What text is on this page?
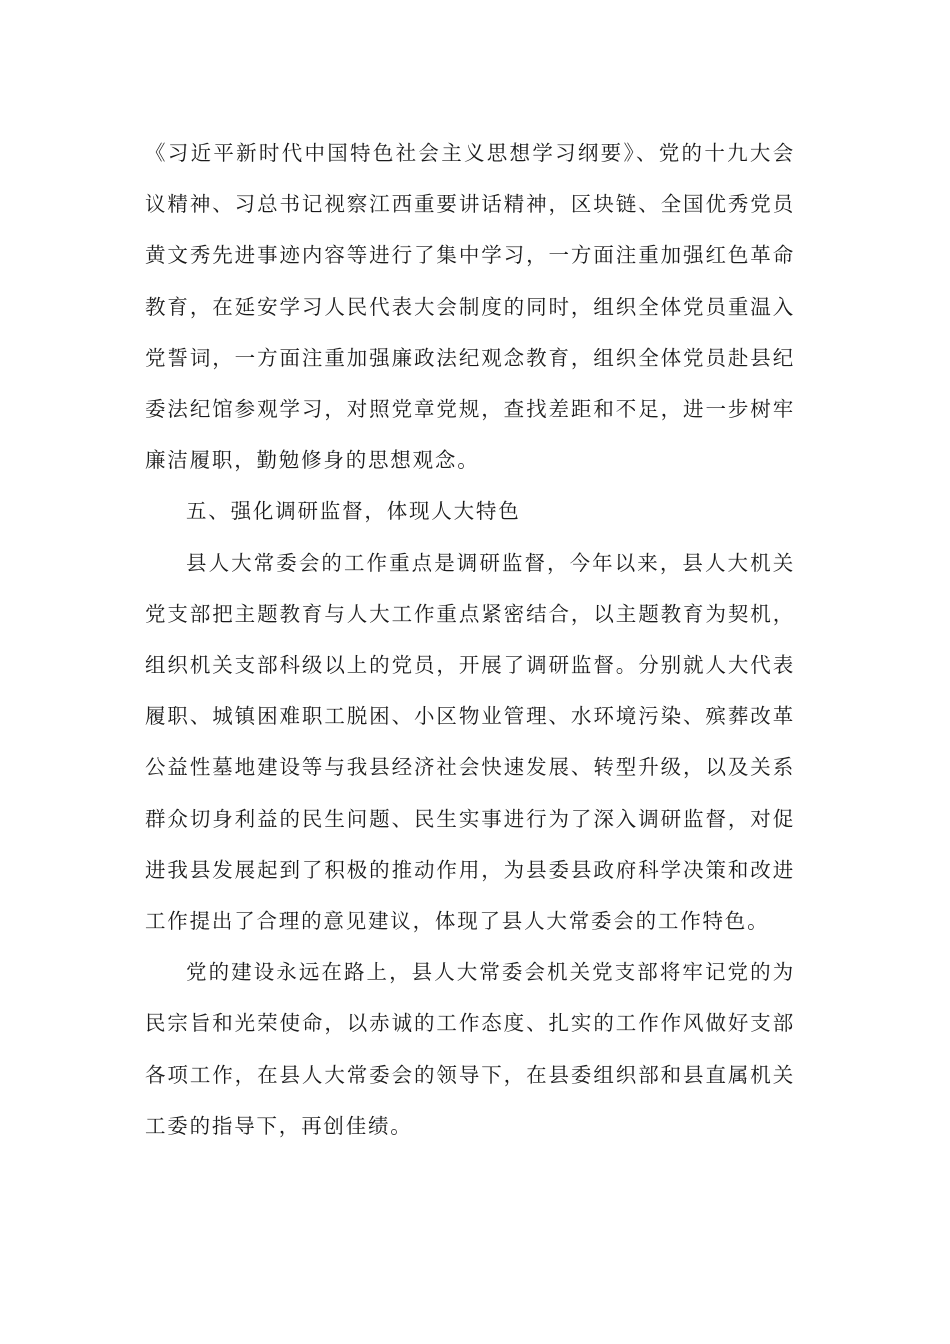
《习近平新时代中国特色社会主义思想学习纲要》、党的十九大会议精神、习总书记视察江西重要讲话精神，区块链、全国优秀党员黄文秀先进事迹内容等进行了集中学习，一方面注重加强红色革命教育，在延安学习人民代表大会制度的同时，组织全体党员重温入党誓词，一方面注重加强廉政法纪观念教育，组织全体党员赴县纪委法纪馆参观学习，对照党章党规，查找差距和不足，进一步树牢廉洁履职，勤勉修身的思想观念。

五、强化调研监督，体现人大特色

县人大常委会的工作重点是调研监督，今年以来，县人大机关党支部把主题教育与人大工作重点紧密结合，以主题教育为契机，组织机关支部科级以上的党员，开展了调研监督。分别就人大代表履职、城镇困难职工脱困、小区物业管理、水环境污染、殡葬改革公益性墓地建设等与我县经济社会快速发展、转型升级，以及关系群众切身利益的民生问题、民生实事进行为了深入调研监督，对促进我县发展起到了积极的推动作用，为县委县政府科学决策和改进工作提出了合理的意见建议，体现了县人大常委会的工作特色。

党的建设永远在路上，县人大常委会机关党支部将牢记党的为民宗旨和光荣使命，以赤诚的工作态度、扎实的工作作风做好支部各项工作，在县人大常委会的领导下，在县委组织部和县直属机关工委的指导下，再创佳绩。
